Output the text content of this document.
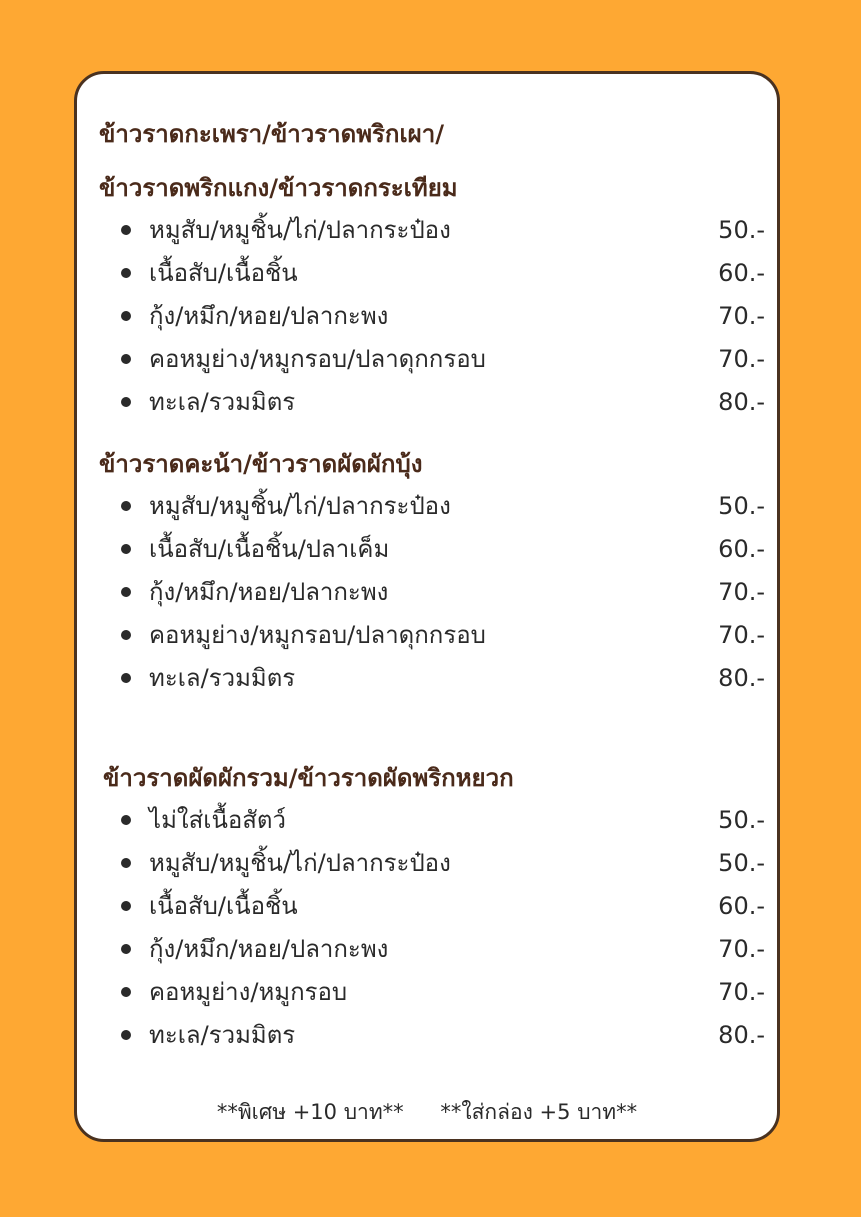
ข้าวราดกะเพรา/ข้าวราดพริกเผา/
ข้าวราดพริกแกง/ข้าวราดกระเทียม
หมูสับ/หมูชิ้น/ไก่/ปลากระป๋อง	50.-
เนื้อสับ/เนื้อชิ้น	60.-
กุ้ง/หมึก/หอย/ปลากะพง	70.-
คอหมูย่าง/หมูกรอบ/ปลาดุกกรอบ	70.-
ทะเล/รวมมิตร	80.-
ข้าวราดคะน้า/ข้าวราดผัดผักบุ้ง
หมูสับ/หมูชิ้น/ไก่/ปลากระป๋อง	50.-
เนื้อสับ/เนื้อชิ้น/ปลาเค็ม	60.-
กุ้ง/หมึก/หอย/ปลากะพง	70.-
คอหมูย่าง/หมูกรอบ/ปลาดุกกรอบ	70.-
ทะเล/รวมมิตร	80.-
ข้าวราดผัดผักรวม/ข้าวราดผัดพริกหยวก
ไม่ใส่เนื้อสัตว์	50.-
หมูสับ/หมูชิ้น/ไก่/ปลากระป๋อง	50.-
เนื้อสับ/เนื้อชิ้น	60.-
กุ้ง/หมึก/หอย/ปลากะพง	70.-
คอหมูย่าง/หมูกรอบ	70.-
ทะเล/รวมมิตร	80.-
**พิเศษ +10 บาท** **ใส่กล่อง +5 บาท**
